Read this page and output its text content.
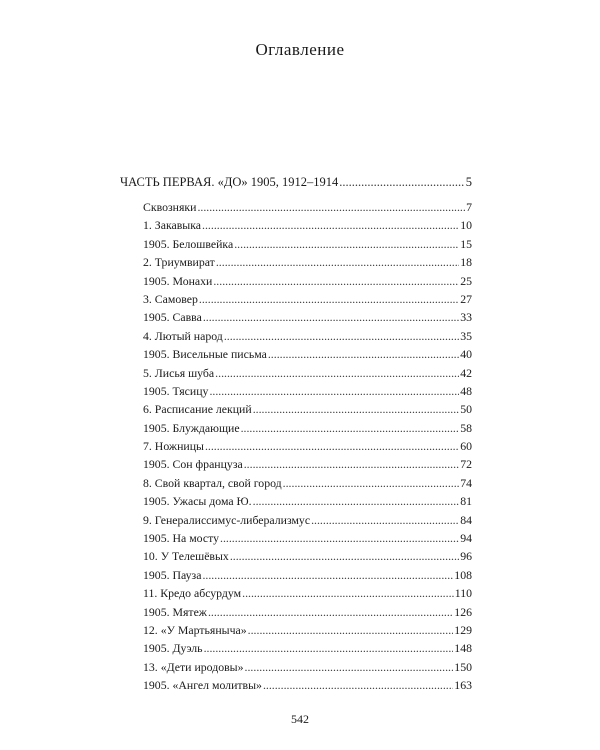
Оглавление
ЧАСТЬ ПЕРВАЯ. «ДО» 1905, 1912–1914 .....	5
Сквозняки .....	7
1. Закавыка .....	10
1905. Белошвейка .....	15
2. Триумвират .....	18
1905. Монахи .....	25
3. Самовер .....	27
1905. Савва .....	33
4. Лютый народ .....	35
1905. Висельные письма .....	40
5. Лисья шуба .....	42
1905. Тясицу .....	48
6. Расписание лекций .....	50
1905. Блуждающие .....	58
7. Ножницы .....	60
1905. Сон француза .....	72
8. Свой квартал, свой город .....	74
1905. Ужасы дома Ю. .....	81
9. Генералиссимус-либерализмус .....	84
1905. На мосту .....	94
10. У Телешёвых .....	96
1905. Пауза .....	108
11. Кредо абсурдум .....	110
1905. Мятеж .....	126
12. «У Мартьяныча» .....	129
1905. Дуэль .....	148
13. «Дети иродовы» .....	150
1905. «Ангел молитвы» .....	163
542
